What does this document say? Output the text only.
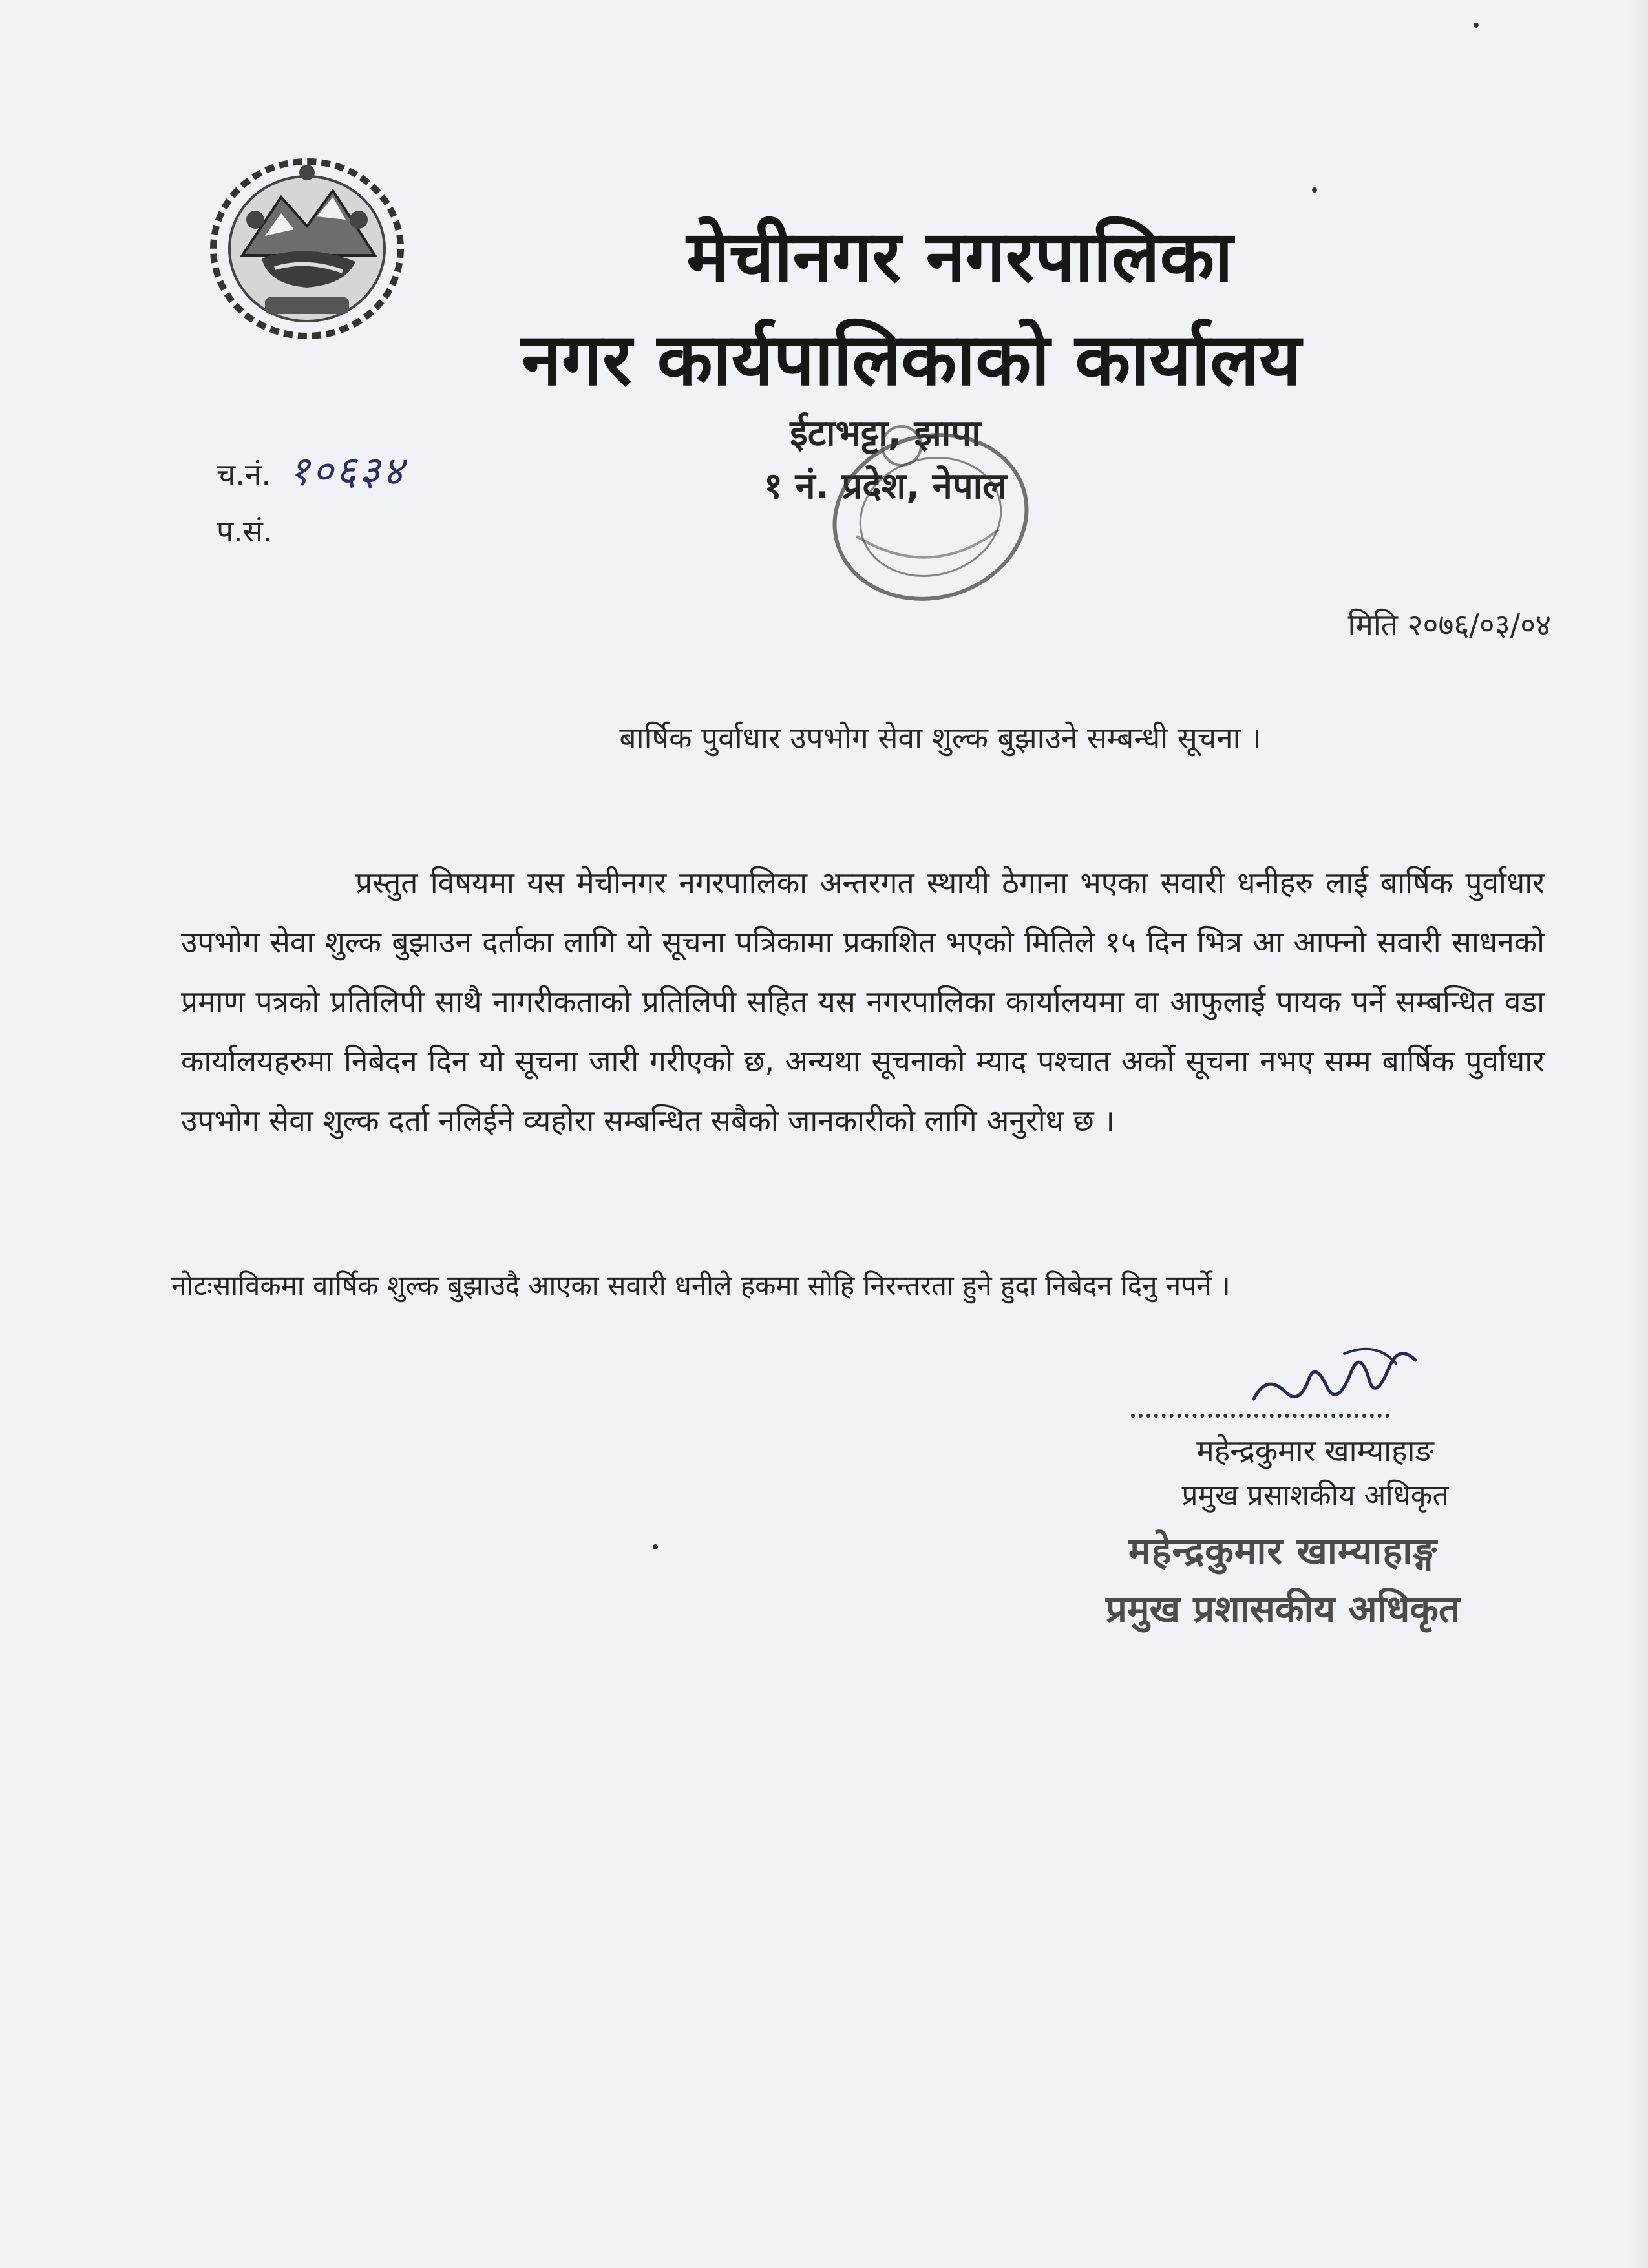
मेचीनगर नगरपालिका
नगर कार्यपालिकाको कार्यालय
ईटाभट्टा, झापा
१ नं. प्रदेश, नेपाल
च.नं. १०६३४
प.सं.
मिति २०७६/०३/०४
बार्षिक पुर्वाधार उपभोग सेवा शुल्क बुझाउने सम्बन्धी सूचना ।

प्रस्तुत विषयमा यस मेचीनगर नगरपालिका अन्तरगत स्थायी ठेगाना भएका सवारी धनीहरु लाई बार्षिक पुर्वाधार उपभोग सेवा शुल्क बुझाउन दर्ताका लागि यो सूचना पत्रिकामा प्रकाशित भएको मितिले १५ दिन भित्र आ आफ्नो सवारी साधनको प्रमाण पत्रको प्रतिलिपी साथै नागरीकताको प्रतिलिपी सहित यस नगरपालिका कार्यालयमा वा आफुलाई पायक पर्ने सम्बन्धित वडा कार्यालयहरुमा निबेदन दिन यो सूचना जारी गरीएको छ, अन्यथा सूचनाको म्याद पश्चात अर्को सूचना नभए सम्म बार्षिक पुर्वाधार उपभोग सेवा शुल्क दर्ता नलिईने व्यहोरा सम्बन्धित सबैको जानकारीको लागि अनुरोध छ ।

नोटःसाविकमा वार्षिक शुल्क बुझाउदै आएका सवारी धनीले हकमा सोहि निरन्तरता हुने हुदा निबेदन दिनु नपर्ने ।

महेन्द्रकुमार खाम्याहाङ
प्रमुख प्रसाशकीय अधिकृत
महेन्द्रकुमार खाम्याहाङ्ग
प्रमुख प्रशासकीय अधिकृत
